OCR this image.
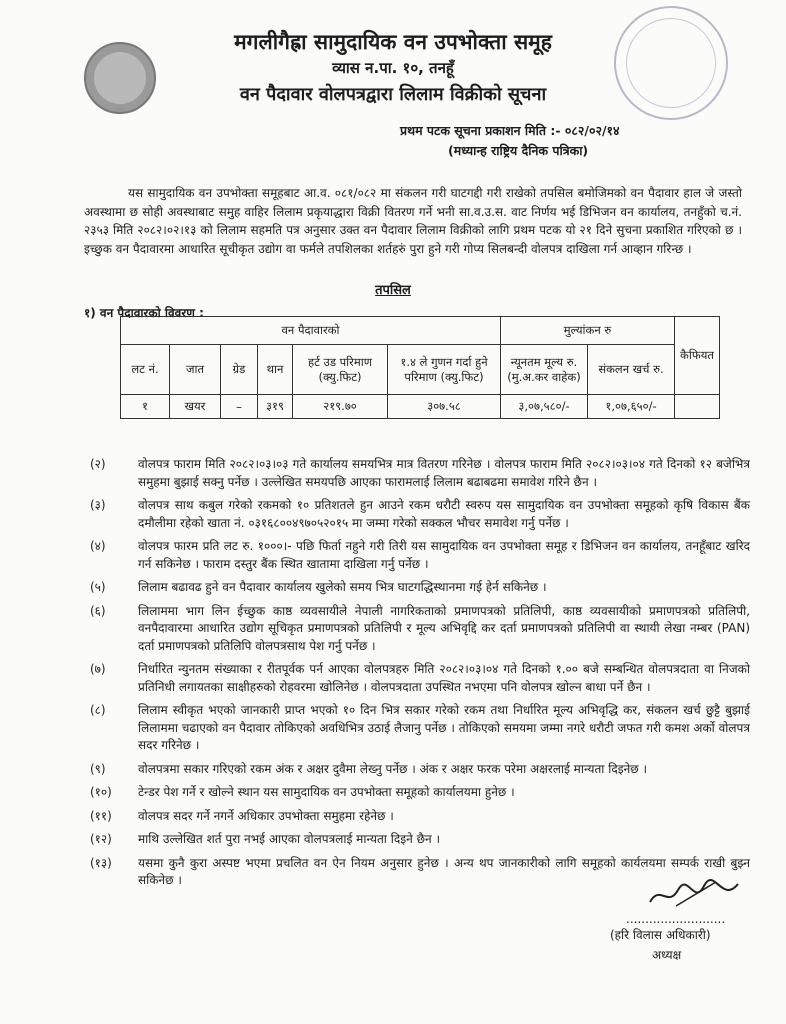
मगलीगैह्रा सामुदायिक वन उपभोक्ता समूह
व्यास न.पा. १०, तनहूँ
वन पैदावार वोलपत्रद्वारा लिलाम विक्रीको सूचना
प्रथम पटक सूचना प्रकाशन मिति :- ०८२/०२/१४
(मध्यान्ह राष्ट्रिय दैनिक पत्रिका)
यस सामुदायिक वन उपभोक्ता समूहबाट आ.व. ०८१/०८२ मा संकलन गरी घाटगद्दी गरी राखेको तपसिल बमोजिमको वन पैदावार हाल जे जस्तो अवस्थामा छ सोही अवस्थाबाट समुह वाहिर लिलाम प्रकृयाद्धारा विक्री वितरण गर्ने भनी सा.व.उ.स. वाट निर्णय भई डिभिजन वन कार्यालय, तनहुँको च.नं. २३५३ मिति २०८२।०२।१३ को लिलाम सहमति पत्र अनुसार उक्त वन पैदावार लिलाम विक्रीको लागि प्रथम पटक यो २१ दिने सुचना प्रकाशित गरिएको छ । इच्छुक वन पैदावारमा आधारित सूचीकृत उद्योग वा फर्मले तपशिलका शर्तहरुं पुरा हुने गरी गोप्य सिलबन्दी वोलपत्र दाखिला गर्न आव्हान गरिन्छ ।
तपसिल
१) वन पैदावारको विवरण :
वन पैदावारको						मुल्यांकन रु		कैफियत
लट नं.	जात	ग्रेड	थान	हर्ट उड परिमाण (क्यु.फिट)	१.४ ले गुणन गर्दा हुने परिमाण (क्यु.फिट)	न्यूनतम मूल्य रु. (मु.अ.कर वाहेक)	संकलन खर्च रु.	
१	खयर	–	३१९	२१९.७०	३०७.५८	३,०७,५८०/-	१,०७,६५०/-	
(२)	वोलपत्र फाराम मिति २०८२।०३।०३ गते कार्यालय समयभित्र मात्र वितरण गरिनेछ । वोलपत्र फाराम मिति २०८२।०३।०४ गते दिनको १२ बजेभित्र समुहमा बुझाई सक्नु पर्नेछ । उल्लेखित समयपछि आएका फारामलाई लिलाम बढाबढमा समावेश गरिने छैन ।
(३)	वोलपत्र साथ कबुल गरेको रकमको १० प्रतिशतले हुन आउने रकम धरौटी स्वरुप यस सामुदायिक वन उपभोक्ता समूहको कृषि विकास बैंक दमौलीमा रहेको खाता नं. ०३१६८००४९७०५२०१५ मा जम्मा गरेको सक्कल भौचर समावेश गर्नु पर्नेछ ।
(४)	वोलपत्र फारम प्रति लट रु. १०००।- पछि फिर्ता नहुने गरी तिरी यस सामुदायिक वन उपभोक्ता समूह र डिभिजन वन कार्यालय, तनहूँबाट खरिद गर्न सकिनेछ । फाराम दस्तुर बैंक स्थित खातामा दाखिला गर्नु पर्नेछ ।
(५)	लिलाम बढावढ हुने वन पैदावार कार्यालय खुलेको समय भित्र घाटगद्धिस्थानमा गई हेर्न सकिनेछ ।
(६)	लिलाममा भाग लिन ईच्छुक काष्ठ व्यवसायीले नेपाली नागरिकताको प्रमाणपत्रको प्रतिलिपी, काष्ठ व्यवसायीको प्रमाणपत्रको प्रतिलिपी, वनपैदावारमा आधारित उद्योग सूचिकृत प्रमाणपत्रको प्रतिलिपी र मूल्य अभिवृद्दि कर दर्ता प्रमाणपत्रको प्रतिलिपी वा स्थायी लेखा नम्बर (PAN) दर्ता प्रमाणपत्रको प्रतिलिपि वोलपत्रसाथ पेश गर्नु पर्नेछ ।
(७)	निर्धारित न्युनतम संख्याका र रीतपूर्वक पर्न आएका वोलपत्रहरु मिति २०८२।०३।०४ गते दिनको १.०० बजे सम्बन्धित वोलपत्रदाता वा निजको प्रतिनिधी लगायतका साक्षीहरुको रोहवरमा खोलिनेछ । वोलपत्रदाता उपस्थित नभएमा पनि वोलपत्र खोल्न बाधा पर्ने छैन ।
(८)	लिलाम स्वीकृत भएको जानकारी प्राप्त भएको १० दिन भित्र सकार गरेको रकम तथा निर्धारित मूल्य अभिवृद्धि कर, संकलन खर्च छुट्टै बुझाई लिलाममा चढाएको वन पैदावार तोकिएको अवधिभित्र उठाई लैजानु पर्नेछ । तोकिएको समयमा जम्मा नगरे धरौटी जफत गरी कमश अर्को वोलपत्र सदर गरिनेछ ।
(९)	वोलपत्रमा सकार गरिएको रकम अंक र अक्षर दुवैमा लेख्नु पर्नेछ । अंक र अक्षर फरक परेमा अक्षरलाई मान्यता दिइनेछ ।
(१०)	टेन्डर पेश गर्ने र खोल्ने स्थान यस सामुदायिक वन उपभोक्ता समूहको कार्यालयमा हुनेछ ।
(११)	वोलपत्र सदर गर्ने नगर्ने अधिकार उपभोक्ता समुहमा रहेनेछ ।
(१२)	माथि उल्लेखित शर्त पुरा नभई आएका वोलपत्रलाई मान्यता दिइने छैन ।
(१३)	यसमा कुनै कुरा अस्पष्ट भएमा प्रचलित वन ऐन नियम अनुसार हुनेछ । अन्य थप जानकारीको लागि समूहको कार्यलयमा सम्पर्क राखी बुझ्न सकिनेछ ।
..........................
(हरि विलास अधिकारी)
अध्यक्ष
